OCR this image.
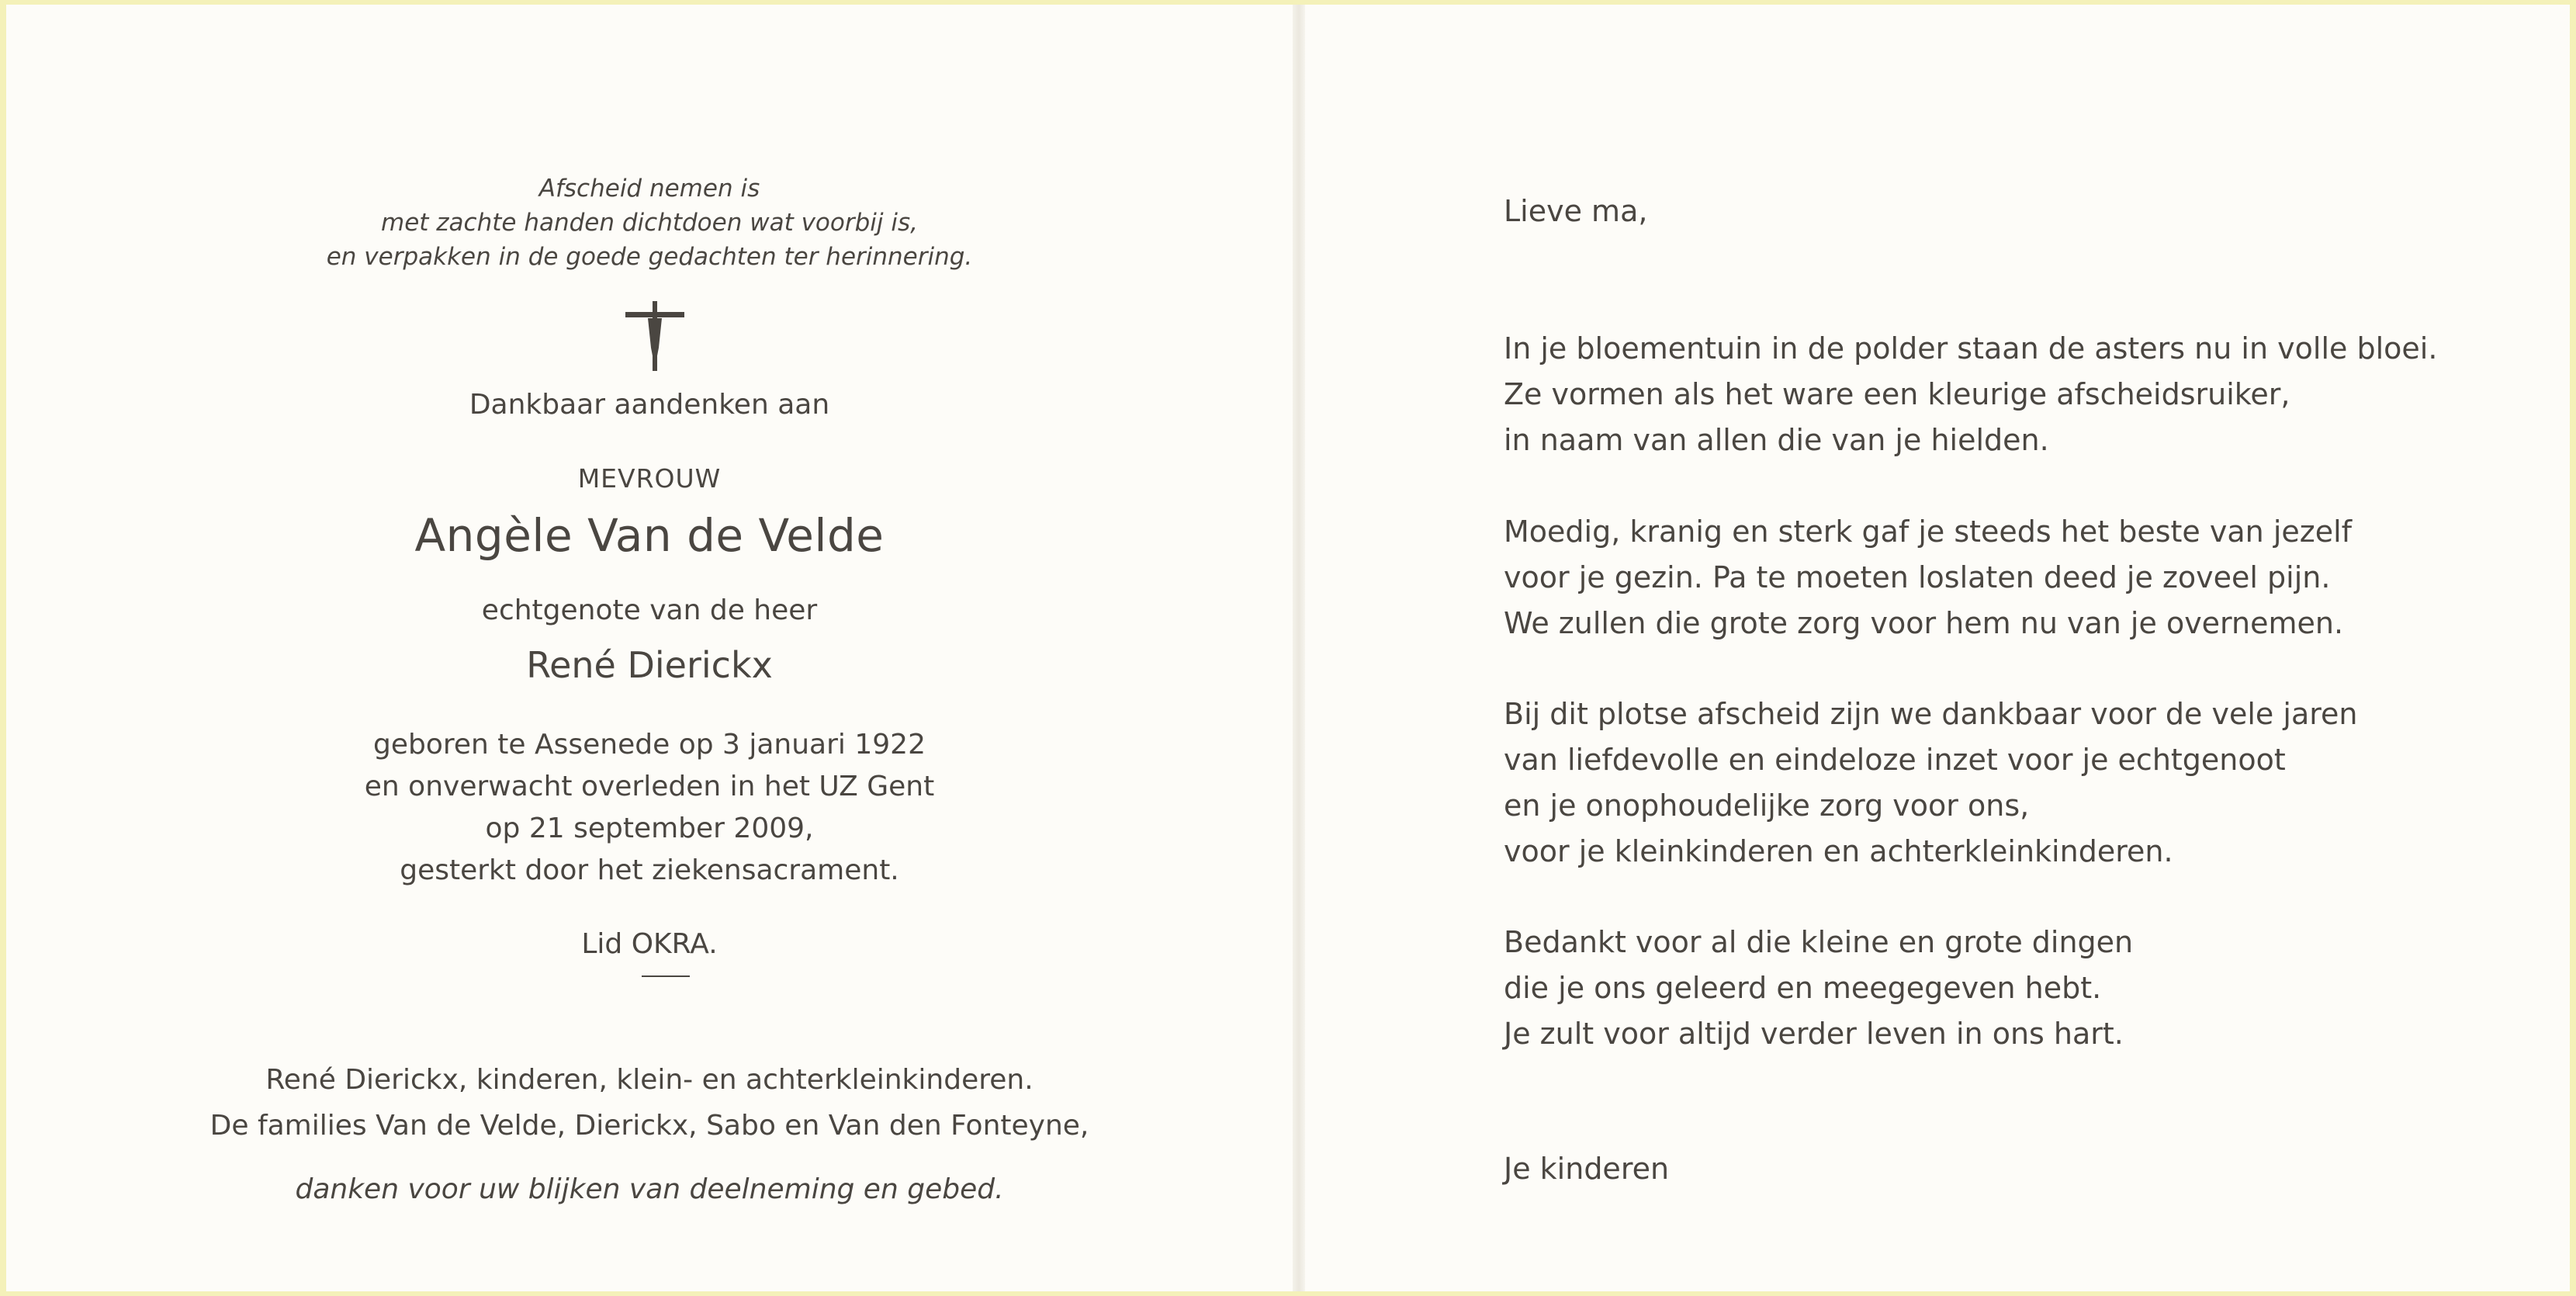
Afscheid nemen is
met zachte handen dichtdoen wat voorbij is,
en verpakken in de goede gedachten ter herinnering.
Dankbaar aandenken aan
MEVROUW
Angèle Van de Velde
echtgenote van de heer
René Dierickx
geboren te Assenede op 3 januari 1922
en onverwacht overleden in het UZ Gent
op 21 september 2009,
gesterkt door het ziekensacrament.
Lid OKRA.
René Dierickx, kinderen, klein- en achterkleinkinderen.
De families Van de Velde, Dierickx, Sabo en Van den Fonteyne,
danken voor uw blijken van deelneming en gebed.
Lieve ma,
In je bloementuin in de polder staan de asters nu in volle bloei.
Ze vormen als het ware een kleurige afscheidsruiker,
in naam van allen die van je hielden.
Moedig, kranig en sterk gaf je steeds het beste van jezelf
voor je gezin. Pa te moeten loslaten deed je zoveel pijn.
We zullen die grote zorg voor hem nu van je overnemen.
Bij dit plotse afscheid zijn we dankbaar voor de vele jaren
van liefdevolle en eindeloze inzet voor je echtgenoot
en je onophoudelijke zorg voor ons,
voor je kleinkinderen en achterkleinkinderen.
Bedankt voor al die kleine en grote dingen
die je ons geleerd en meegegeven hebt.
Je zult voor altijd verder leven in ons hart.
Je kinderen
